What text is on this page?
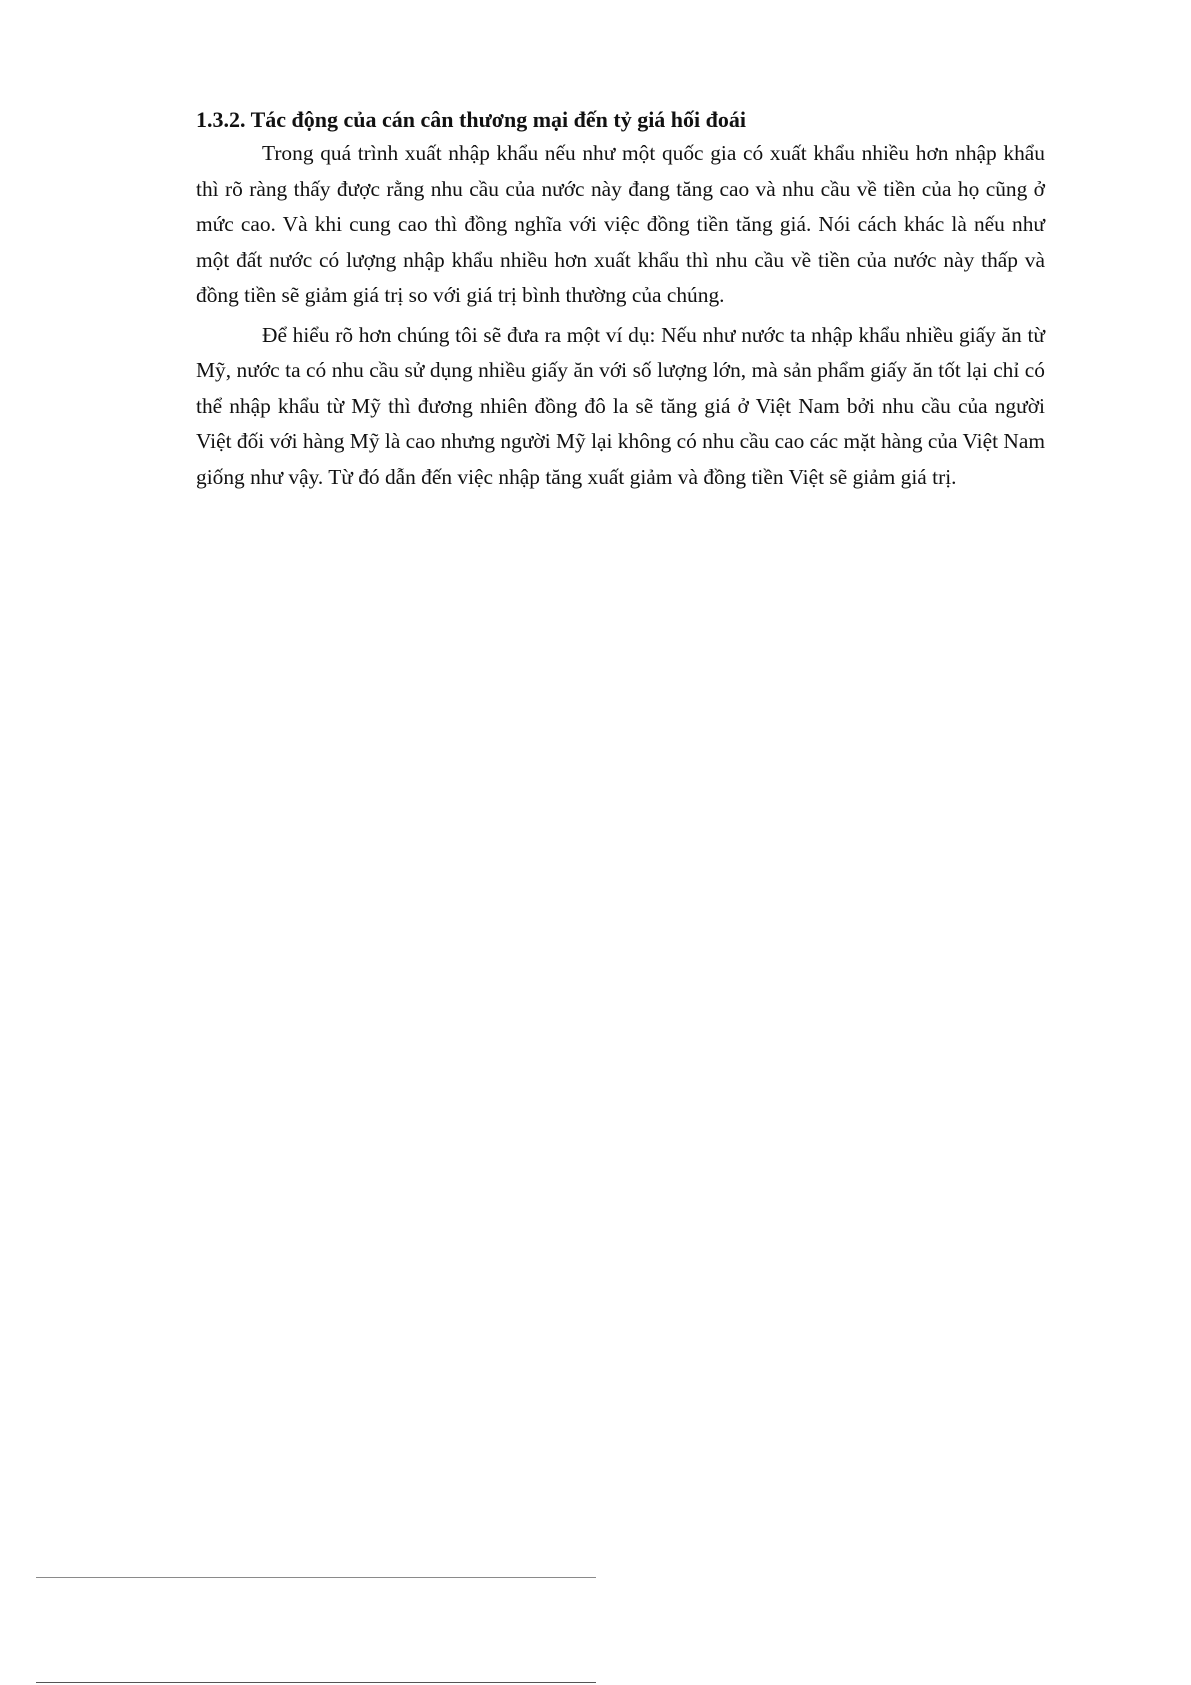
1.3.2. Tác động của cán cân thương mại đến tỷ giá hối đoái

Trong quá trình xuất nhập khẩu nếu như một quốc gia có xuất khẩu nhiều hơn nhập khẩu thì rõ ràng thấy được rằng nhu cầu của nước này đang tăng cao và nhu cầu về tiền của họ cũng ở mức cao. Và khi cung cao thì đồng nghĩa với việc đồng tiền tăng giá. Nói cách khác là nếu như một đất nước có lượng nhập khẩu nhiều hơn xuất khẩu thì nhu cầu về tiền của nước này thấp và đồng tiền sẽ giảm giá trị so với giá trị bình thường của chúng.

Để hiểu rõ hơn chúng tôi sẽ đưa ra một ví dụ: Nếu như nước ta nhập khẩu nhiều giấy ăn từ Mỹ, nước ta có nhu cầu sử dụng nhiều giấy ăn với số lượng lớn, mà sản phẩm giấy ăn tốt lại chỉ có thể nhập khẩu từ Mỹ thì đương nhiên đồng đô la sẽ tăng giá ở Việt Nam bởi nhu cầu của người Việt đối với hàng Mỹ là cao nhưng người Mỹ lại không có nhu cầu cao các mặt hàng của Việt Nam giống như vậy. Từ đó dẫn đến việc nhập tăng xuất giảm và đồng tiền Việt sẽ giảm giá trị.
